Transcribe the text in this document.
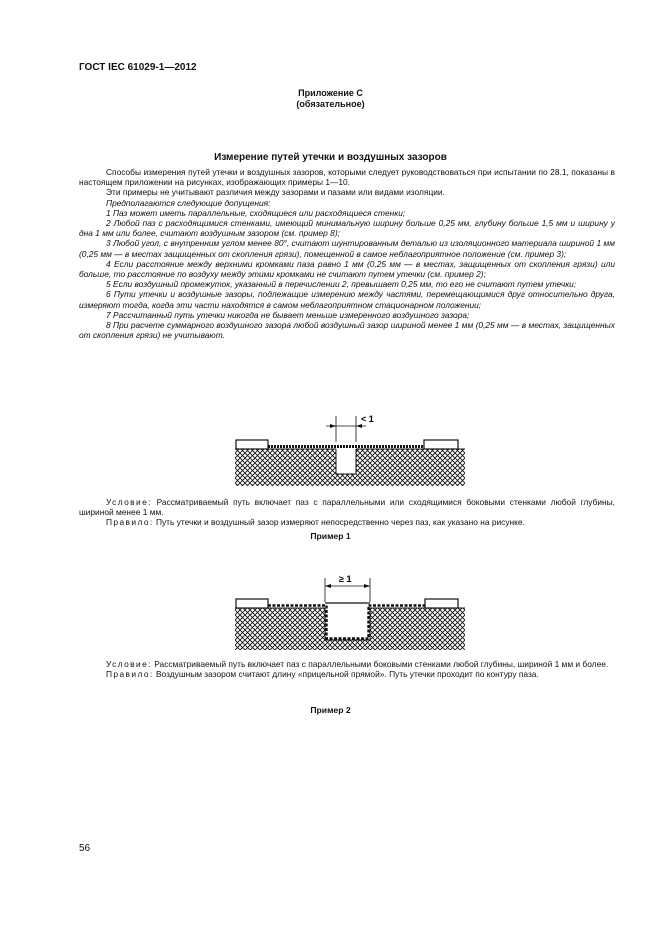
ГОСТ IEC 61029-1—2012
Приложение С
(обязательное)
Измерение путей утечки и воздушных зазоров

Способы измерения путей утечки и воздушных зазоров, которыми следует руководствоваться при испытании по 28.1, показаны в настоящем приложении на рисунках, изображающих примеры 1—10.

Эти примеры не учитывают различия между зазорами и пазами или видами изоляции.

Предполагаются следующие допущения:

1 Паз может иметь параллельные, сходящиеся или расходящиеся стенки;

2 Любой паз с расходящимися стенками, имеющий минимальную ширину больше 0,25 мм, глубину больше 1,5 мм и ширину у дна 1 мм или более, считают воздушным зазором (см. пример 8);

3 Любой угол, с внутренним углом менее 80°, считают шунтированным деталью из изоляционного материала шириной 1 мм (0,25 мм — в местах защищенных от скопления грязи), помещенной в самое неблагоприятное положение (см. пример 3);

4 Если расстояние между верхними кромками паза равно 1 мм (0,25 мм — в местах, защищенных от скопления грязи) или больше, то расстояние по воздуху между этими кромками не считают путем утечки (см. пример 2);

5 Если воздушный промежуток, указанный в перечислении 2, превышает 0,25 мм, то его не считают путем утечки;

6 Пути утечки и воздушные зазоры, подлежащие измерению между частями, перемещающимися друг относительно друга, измеряют тогда, когда эти части находятся в самом неблагоприятном стационарном положении;

7 Рассчитанный путь утечки никогда не бывает меньше измеренного воздушного зазора;

8 При расчете суммарного воздушного зазора любой воздушный зазор шириной менее 1 мм (0,25 мм — в местах, защищенных от скопления грязи) не учитывают.

< 1

Условие: Рассматриваемый путь включает паз с параллельными или сходящимися боковыми стенками любой глубины, шириной менее 1 мм.

Правило: Путь утечки и воздушный зазор измеряют непосредственно через паз, как указано на рисунке.

Пример 1
≥ 1

Условие: Рассматриваемый путь включает паз с параллельными боковыми стенками любой глубины, шириной 1 мм и более.

Правило: Воздушным зазором считают длину «прицельной прямой». Путь утечки проходит по контуру паза.

Пример 2
56
